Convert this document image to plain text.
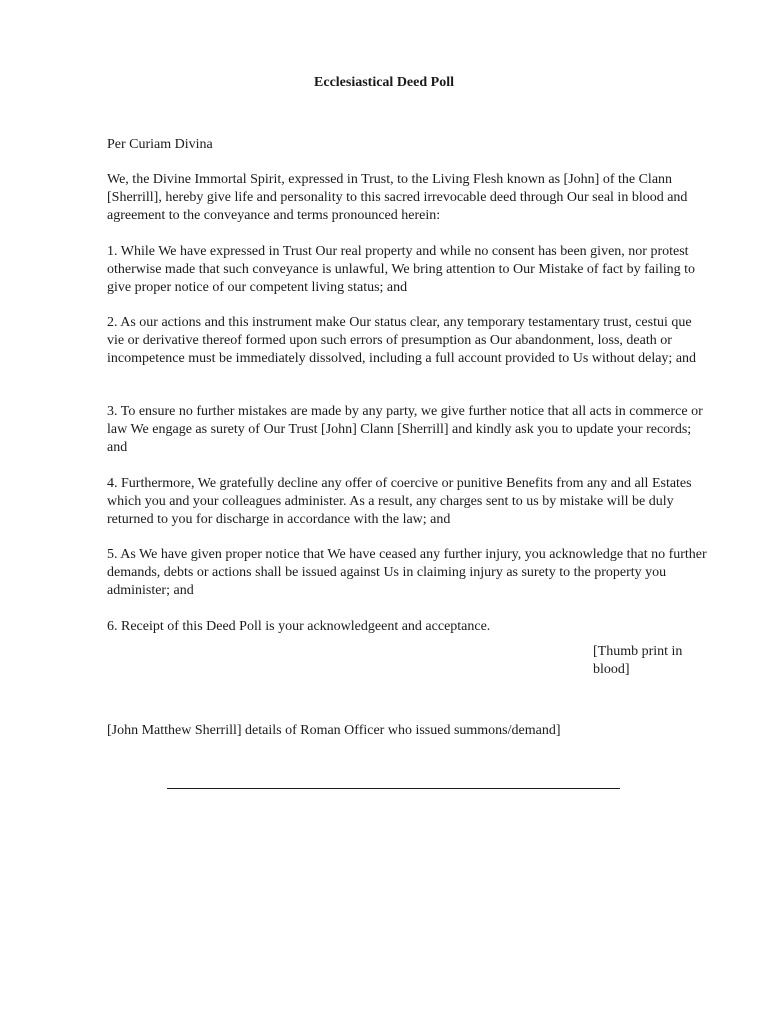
Ecclesiastical Deed Poll

Per Curiam Divina

We, the Divine Immortal Spirit, expressed in Trust, to the Living Flesh known as [John] of the Clann [Sherrill], hereby give life and personality to this sacred irrevocable deed through Our seal in blood and agreement to the conveyance and terms pronounced herein:

1. While We have expressed in Trust Our real property and while no consent has been given, nor protest otherwise made that such conveyance is unlawful, We bring attention to Our Mistake of fact by failing to give proper notice of our competent living status; and

2. As our actions and this instrument make Our status clear, any temporary testamentary trust, cestui que vie or derivative thereof formed upon such errors of presumption as Our abandonment, loss, death or incompetence must be immediately dissolved, including a full account provided to Us without delay; and

3. To ensure no further mistakes are made by any party, we give further notice that all acts in commerce or law We engage as surety of Our Trust [John] Clann [Sherrill] and kindly ask you to update your records; and

4. Furthermore, We gratefully decline any offer of coercive or punitive Benefits from any and all Estates which you and your colleagues administer. As a result, any charges sent to us by mistake will be duly returned to you for discharge in accordance with the law; and

5. As We have given proper notice that We have ceased any further injury, you acknowledge that no further demands, debts or actions shall be issued against Us in claiming injury as surety to the property you administer; and

6. Receipt of this Deed Poll is your acknowledgeent and acceptance.

[Thumb print in blood]

[John Matthew Sherrill] details of Roman Officer who issued summons/demand]
